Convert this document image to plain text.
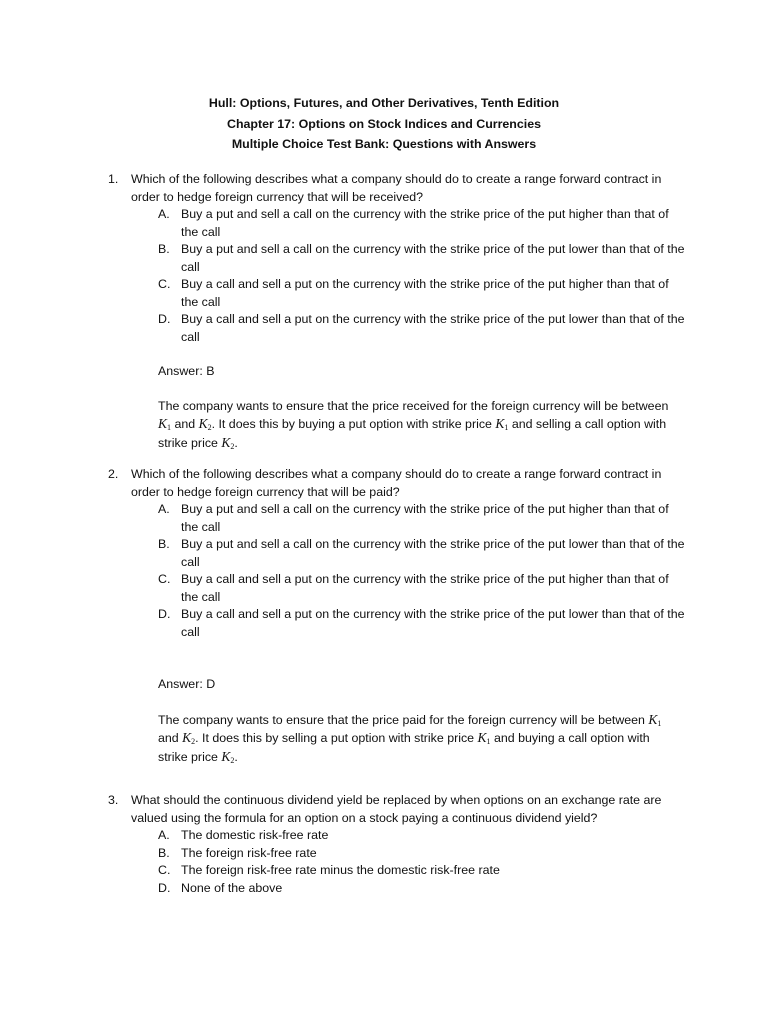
Hull: Options, Futures, and Other Derivatives, Tenth Edition
Chapter 17: Options on Stock Indices and Currencies
Multiple Choice Test Bank: Questions with Answers
1.	Which of the following describes what a company should do to create a range forward contract in order to hedge foreign currency that will be received?
A. Buy a put and sell a call on the currency with the strike price of the put higher than that of the call
B. Buy a put and sell a call on the currency with the strike price of the put lower than that of the call
C. Buy a call and sell a put on the currency with the strike price of the put higher than that of the call
D. Buy a call and sell a put on the currency with the strike price of the put lower than that of the call
Answer: B
The company wants to ensure that the price received for the foreign currency will be between $K_1$ and $K_2$. It does this by buying a put option with strike price $K_1$ and selling a call option with strike price $K_2$.
2.	Which of the following describes what a company should do to create a range forward contract in order to hedge foreign currency that will be paid?
A. Buy a put and sell a call on the currency with the strike price of the put higher than that of the call
B. Buy a put and sell a call on the currency with the strike price of the put lower than that of the call
C. Buy a call and sell a put on the currency with the strike price of the put higher than that of the call
D. Buy a call and sell a put on the currency with the strike price of the put lower than that of the call
Answer: D
The company wants to ensure that the price paid for the foreign currency will be between $K_1$ and $K_2$. It does this by selling a put option with strike price $K_1$ and buying a call option with strike price $K_2$.
3.	What should the continuous dividend yield be replaced by when options on an exchange rate are valued using the formula for an option on a stock paying a continuous dividend yield?
A. The domestic risk-free rate
B. The foreign risk-free rate
C. The foreign risk-free rate minus the domestic risk-free rate
D. None of the above
